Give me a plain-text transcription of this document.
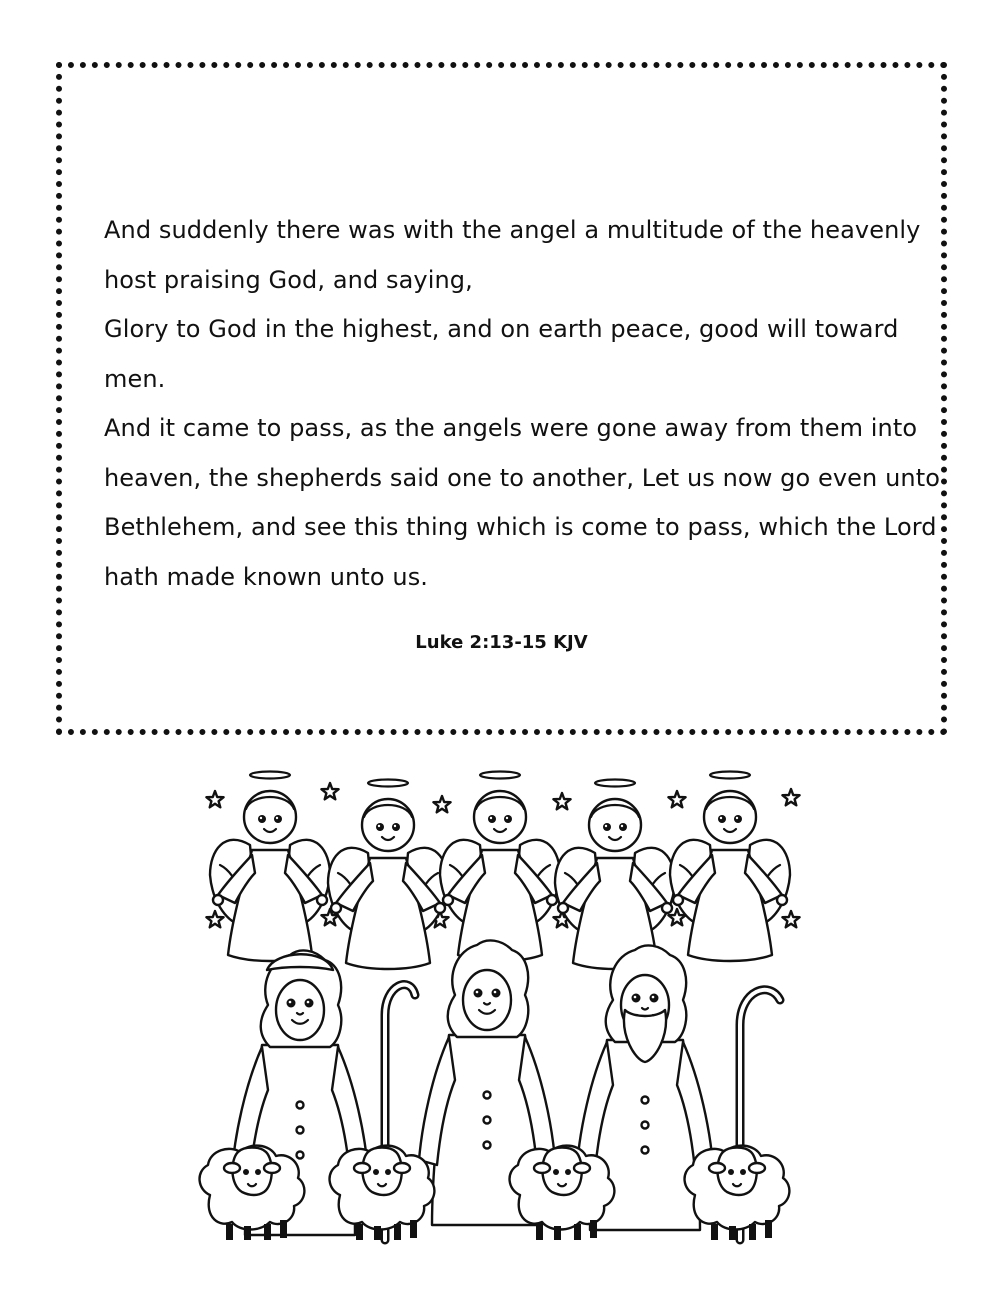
And suddenly there was with the angel a multitude of the heavenly
host praising God, and saying,
Glory to God in the highest, and on earth peace, good will toward
men.
And it came to pass, as the angels were gone away from them into
heaven, the shepherds said one to another, Let us now go even unto
Bethlehem, and see this thing which is come to pass, which the Lord
hath made known unto us.
Luke 2:13-15 KJV
